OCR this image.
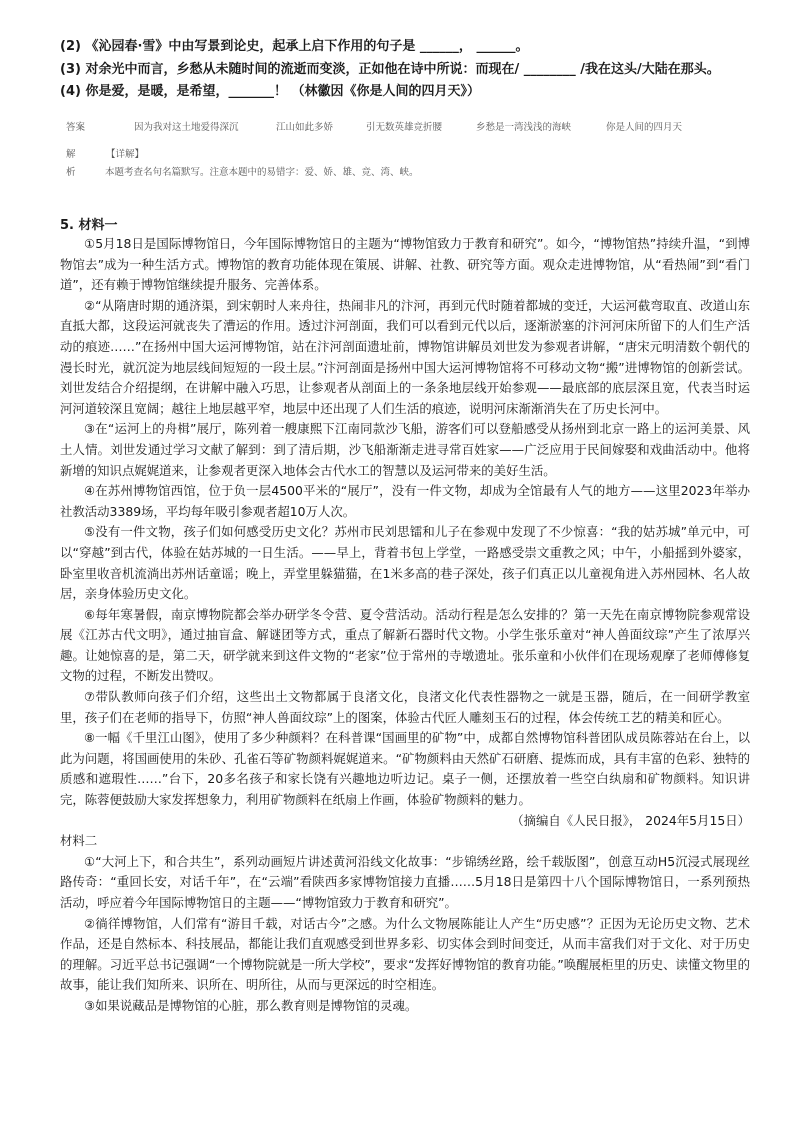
(2) 《沁园春·雪》中由写景到论史，起承上启下作用的句子是 ______， ______。
(3) 对余光中而言，乡愁从未随时间的流逝而变淡，正如他在诗中所说：而现在/ ________ /我在这头/大陆在那头。
(4) 你是爱，是暖，是希望，_______！ （林徽因《你是人间的四月天》）
答案	因为我对这土地爱得深沉	江山如此多娇	引无数英雄竞折腰	乡愁是一湾浅浅的海峡	你是人间的四月天
解析
【详解】
本题考查名句名篇默写。注意本题中的易错字：爱、娇、雄、竞、湾、峡。
5. 材料一

①5月18日是国际博物馆日，今年国际博物馆日的主题为“博物馆致力于教育和研究”。如今，“博物馆热”持续升温，“到博物馆去”成为一种生活方式。博物馆的教育功能体现在策展、讲解、社教、研究等方面。观众走进博物馆，从“看热闹”到“看门道”，还有赖于博物馆继续提升服务、完善体系。

②“从隋唐时期的通济渠，到宋朝时人来舟往，热闹非凡的汴河，再到元代时随着都城的变迁，大运河截弯取直、改道山东直抵大都，这段运河就丧失了漕运的作用。透过汴河剖面，我们可以看到元代以后，逐渐淤塞的汴河河床所留下的人们生产活动的痕迹……”在扬州中国大运河博物馆，站在汴河剖面遗址前，博物馆讲解员刘世发为参观者讲解，“唐宋元明清数个朝代的漫长时光，就沉淀为地层线间短短的一段土层。”汴河剖面是扬州中国大运河博物馆将不可移动文物“搬”进博物馆的创新尝试。刘世发结合介绍提纲，在讲解中融入巧思，让参观者从剖面上的一条条地层线开始参观——最底部的底层深且宽，代表当时运河河道较深且宽阔；越往上地层越平窄，地层中还出现了人们生活的痕迹，说明河床渐渐消失在了历史长河中。

③在“运河上的舟楫”展厅，陈列着一艘康熙下江南同款沙飞船，游客们可以登船感受从扬州到北京一路上的运河美景、风土人情。刘世发通过学习文献了解到：到了清后期，沙飞船渐渐走进寻常百姓家——广泛应用于民间嫁娶和戏曲活动中。他将新增的知识点娓娓道来，让参观者更深入地体会古代水工的智慧以及运河带来的美好生活。

④在苏州博物馆西馆，位于负一层4500平米的“展厅”，没有一件文物，却成为全馆最有人气的地方——这里2023年举办社教活动3389场，平均每年吸引参观者超10万人次。

⑤没有一件文物，孩子们如何感受历史文化？苏州市民刘思镭和儿子在参观中发现了不少惊喜：“我的姑苏城”单元中，可以“穿越”到古代，体验在姑苏城的一日生活。——早上，背着书包上学堂，一路感受崇文重教之风；中午，小船摇到外婆家，卧室里收音机流淌出苏州话童谣；晚上，弄堂里躲猫猫，在1米多高的巷子深处，孩子们真正以儿童视角进入苏州园林、名人故居，亲身体验历史文化。

⑥每年寒暑假，南京博物院都会举办研学冬令营、夏令营活动。活动行程是怎么安排的？第一天先在南京博物院参观常设展《江苏古代文明》，通过抽盲盒、解谜团等方式，重点了解新石器时代文物。小学生张乐童对“神人兽面纹琮”产生了浓厚兴趣。让她惊喜的是，第二天，研学就来到这件文物的“老家”位于常州的寺墩遗址。张乐童和小伙伴们在现场观摩了老师傅修复文物的过程，不断发出赞叹。

⑦带队教师向孩子们介绍，这些出土文物都属于良渚文化，良渚文化代表性器物之一就是玉器，随后，在一间研学教室里，孩子们在老师的指导下，仿照“神人兽面纹琮”上的图案，体验古代匠人雕刻玉石的过程，体会传统工艺的精美和匠心。

⑧一幅《千里江山图》，使用了多少种颜料？在科普课“国画里的矿物”中，成都自然博物馆科普团队成员陈蓉站在台上，以此为问题，将国画使用的朱砂、孔雀石等矿物颜料娓娓道来。“矿物颜料由天然矿石研磨、提炼而成，具有丰富的色彩、独特的质感和遮瑕性……”台下，20多名孩子和家长饶有兴趣地边听边记。桌子一侧，还摆放着一些空白纨扇和矿物颜料。知识讲完，陈蓉便鼓励大家发挥想象力，利用矿物颜料在纸扇上作画，体验矿物颜料的魅力。

（摘编自《人民日报》， 2024年5月15日）

材料二

①“大河上下，和合共生”，系列动画短片讲述黄河沿线文化故事：“步锦绣丝路，绘千载版图”，创意互动H5沉浸式展现丝路传奇：“重回长安，对话千年”，在“云端”看陕西多家博物馆接力直播……5月18日是第四十八个国际博物馆日，一系列预热活动，呼应着今年国际博物馆日的主题——“博物馆致力于教育和研究”。

②徜徉博物馆，人们常有“游目千载，对话古今”之感。为什么文物展陈能让人产生“历史感”？正因为无论历史文物、艺术作品，还是自然标本、科技展品，都能让我们直观感受到世界多彩、切实体会到时间变迁，从而丰富我们对于文化、对于历史的理解。习近平总书记强调“一个博物院就是一所大学校”，要求“发挥好博物馆的教育功能。”唤醒展柜里的历史、读懂文物里的故事，能让我们知所来、识所在、明所往，从而与更深远的时空相连。

③如果说藏品是博物馆的心脏，那么教育则是博物馆的灵魂。
